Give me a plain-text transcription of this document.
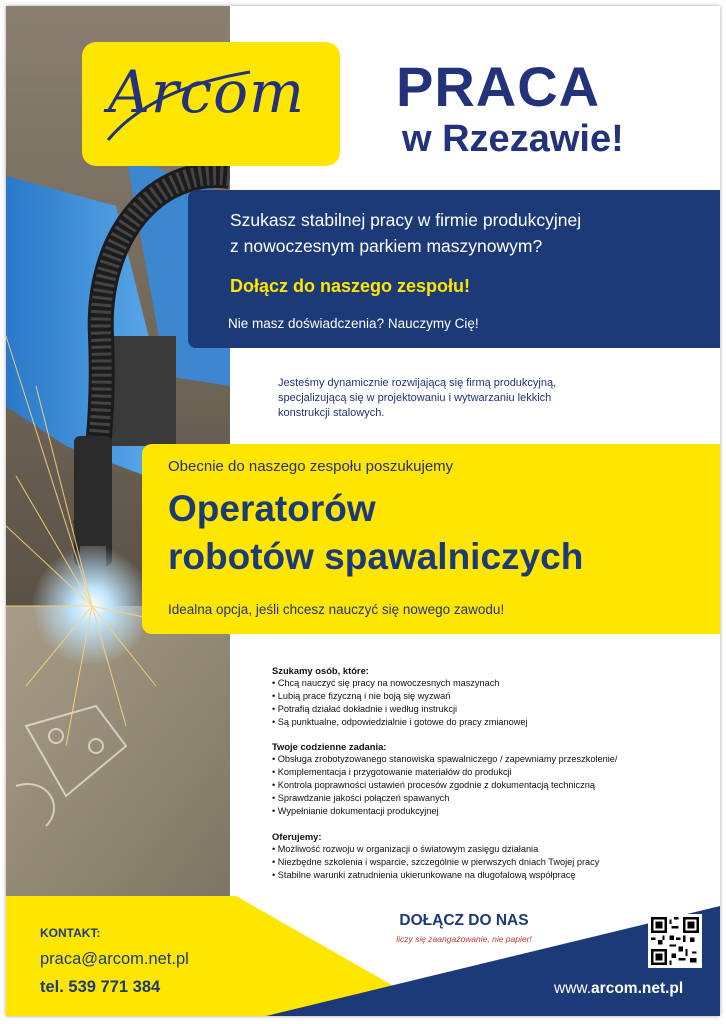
Arcom PRACA
w Rzezawie!
Szukasz stabilnej pracy w firmie produkcyjnej
z nowoczesnym parkiem maszynowym?
Dołącz do naszego zespołu!
Nie masz doświadczenia? Nauczymy Cię!
Jesteśmy dynamicznie rozwijającą się firmą produkcyjną,
specjalizującą się w projektowaniu i wytwarzaniu lekkich
konstrukcji stalowych.
Obecnie do naszego zespołu poszukujemy
Operatorów
robotów spawalniczych
Idealna opcja, jeśli chcesz nauczyć się nowego zawodu!
Szukamy osób, które:
• Chcą nauczyć się pracy na nowoczesnych maszynach
• Lubią prace fizyczną i nie boją się wyzwań
• Potrafią działać dokładnie i według instrukcji
• Są punktualne, odpowiedzialnie i gotowe do pracy zmianowej
Twoje codzienne zadania:
• Obsługa zrobotyzowanego stanowiska spawalniczego / zapewniamy przeszkolenie/
• Komplementacja i przygotowanie materiałów do produkcji
• Kontrola poprawności ustawień procesów zgodnie z dokumentacją techniczną
• Sprawdzanie jakości połączeń spawanych
• Wypełnianie dokumentacji produkcyjnej
Oferujemy:
• Możliwość rozwoju w organizacji o światowym zasięgu działania
• Niezbędne szkolenia i wsparcie, szczególnie w pierwszych dniach Twojej pracy
• Stabilne warunki zatrudnienia ukierunkowane na długofalową współpracę
KONTAKT:
praca@arcom.net.pl
tel. 539 771 384
DOŁĄCZ DO NAS
liczy się zaangażowanie, nie papier!
www.arcom.net.pl
